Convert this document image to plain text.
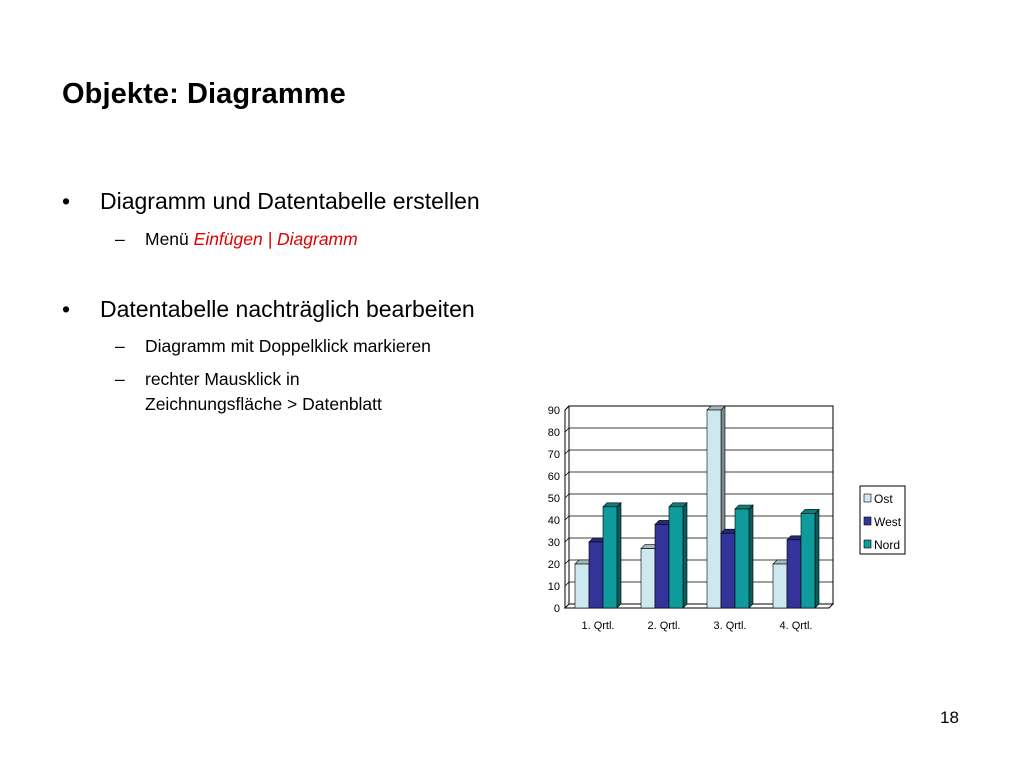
Objekte: Diagramme
• Diagramm und Datentabelle erstellen
– Menü Einfügen | Diagramm
• Datentabelle nachträglich bearbeiten
– Diagramm mit Doppelklick markieren
– rechter Mausklick in
Zeichnungsfläche > Datenblatt
0
10
20
30
40
50
60
70
80
90
1. Qrtl.	2. Qrtl.	3. Qrtl.	4. Qrtl.
Ost
West
Nord
18
